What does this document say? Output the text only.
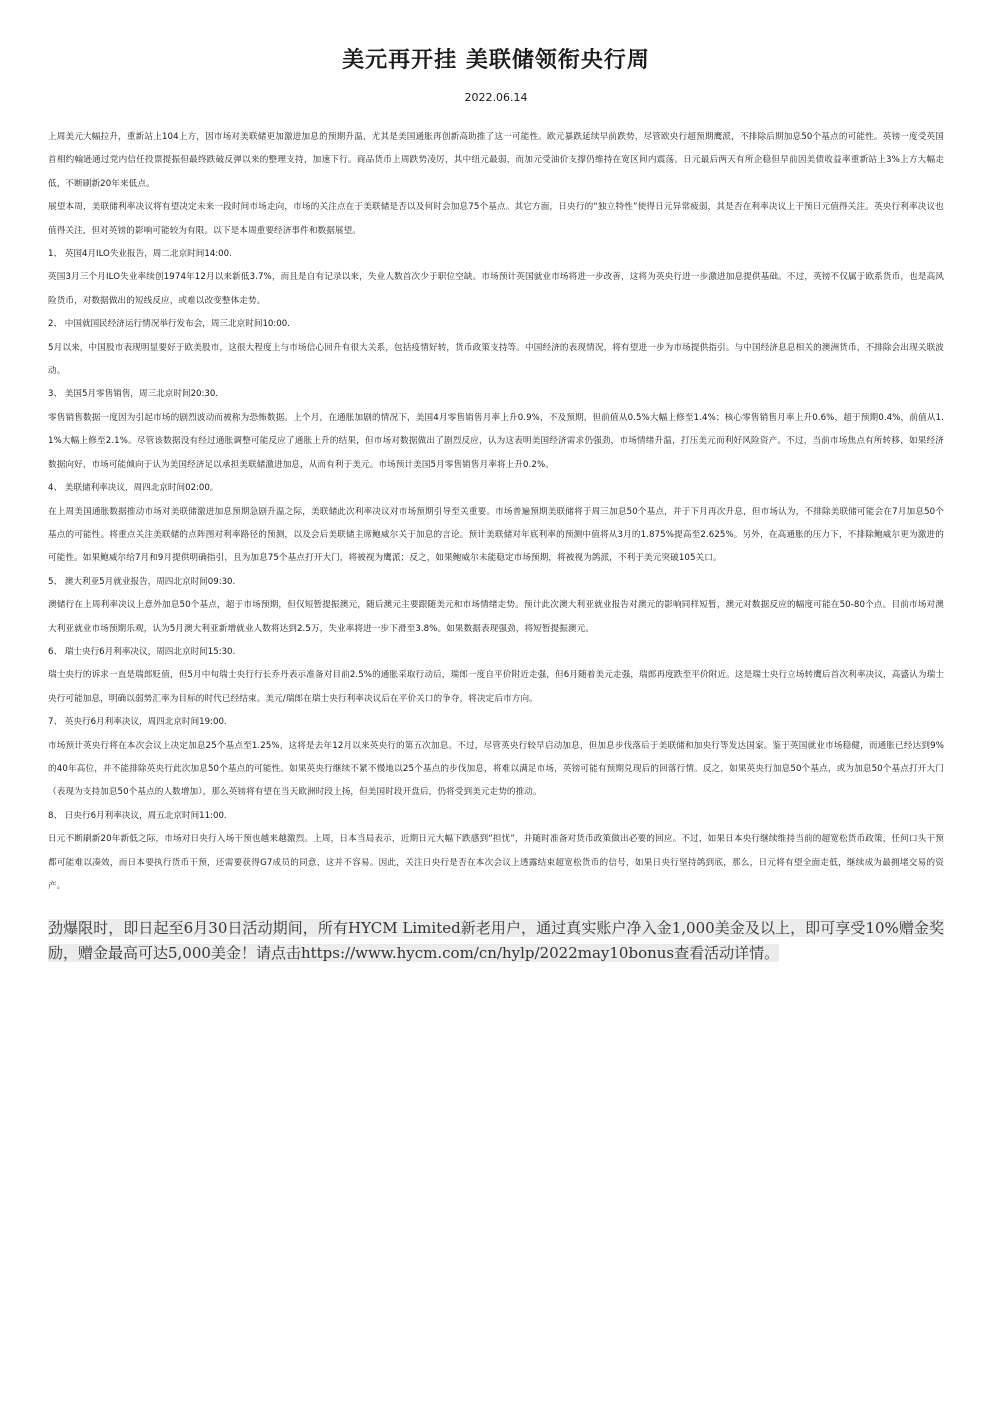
美元再开挂 美联储领衔央行周
2022.06.14

上周美元大幅拉升，重新站上104上方，因市场对美联储更加激进加息的预期升温，尤其是美国通胀再创新高助推了这一可能性。欧元暴跌延续早前跌势，尽管欧央行超预期鹰派，不排除后期加息50个基点的可能性。英镑一度受英国首相约翰逊通过党内信任投票提振但最终跌破反弹以来的整理支持，加速下行。商品货币上周跌势凌厉，其中纽元最弱，而加元受油价支撑仍维持在宽区间内震荡。日元最后两天有所企稳但早前因美债收益率重新站上3%上方大幅走低，不断刷新20年来低点。

展望本周，美联储利率决议将有望决定未来一段时间市场走向，市场的关注点在于美联储是否以及何时会加息75个基点。其它方面，日央行的“独立特性”使得日元异常疲弱，其是否在利率决议上干预日元值得关注。英央行利率决议也值得关注，但对英镑的影响可能较为有限。以下是本周重要经济事件和数据展望。

1、 英国4月ILO失业报告，周二北京时间14:00.

英国3月三个月ILO失业率续创1974年12月以来新低3.7%，而且是自有记录以来，失业人数首次少于职位空缺。市场预计英国就业市场将进一步改善，这将为英央行进一步激进加息提供基础。不过，英镑不仅属于欧系货币，也是高风险货币，对数据做出的短线反应，或难以改变整体走势。

2、 中国就国民经济运行情况举行发布会，周三北京时间10:00.

5月以来，中国股市表现明显要好于欧美股市，这很大程度上与市场信心回升有很大关系，包括疫情好转，货币政策支持等。中国经济的表现情况，将有望进一步为市场提供指引。与中国经济息息相关的澳洲货币，不排除会出现关联波动。

3、 美国5月零售销售，周三北京时间20:30.

零售销售数据一度因为引起市场的剧烈波动而被称为恐怖数据。上个月，在通胀加剧的情况下，美国4月零售销售月率上升0.9%，不及预期，但前值从0.5%大幅上修至1.4%；核心零售销售月率上升0.6%，超于预期0.4%，前值从1.1%大幅上修至2.1%。尽管该数据没有经过通胀调整可能反应了通胀上升的结果，但市场对数据做出了剧烈反应，认为这表明美国经济需求仍强劲，市场情绪升温，打压美元而利好风险资产。不过，当前市场焦点有所转移，如果经济数据向好，市场可能倾向于认为美国经济足以承担美联储激进加息，从而有利于美元。市场预计美国5月零售销售月率将上升0.2%。

4、 美联储利率决议，周四北京时间02:00。

在上周美国通胀数据推动市场对美联储激进加息预期急剧升温之际，美联储此次利率决议对市场预期引导至关重要。市场普遍预期美联储将于周三加息50个基点，并于下月再次升息，但市场认为，不排除美联储可能会在7月加息50个基点的可能性。将重点关注美联储的点阵图对利率路径的预测，以及会后美联储主席鲍威尔关于加息的言论。预计美联储对年底利率的预测中值将从3月的1.875%提高至2.625%。另外，在高通胀的压力下，不排除鲍威尔更为激进的可能性。如果鲍威尔给7月和9月提供明确指引，且为加息75个基点打开大门，将被视为鹰派；反之，如果鲍威尔未能稳定市场预期，将被视为鸽派，不利于美元突破105关口。

5、 澳大利亚5月就业报告，周四北京时间09:30.

澳储行在上周利率决议上意外加息50个基点，超于市场预期，但仅短暂提振澳元，随后澳元主要跟随美元和市场情绪走势。预计此次澳大利亚就业报告对澳元的影响同样短暂，澳元对数据反应的幅度可能在50-80个点。目前市场对澳大利亚就业市场预期乐观，认为5月澳大利亚新增就业人数将达到2.5万，失业率将进一步下滑至3.8%。如果数据表现强劲，将短暂提振澳元。

6、 瑞士央行6月利率决议，周四北京时间15:30.

瑞士央行的诉求一直是瑞郎贬值，但5月中旬瑞士央行行长乔丹表示准备对目前2.5%的通胀采取行动后，瑞郎一度自平价附近走强，但6月随着美元走强，瑞郎再度跌至平价附近。这是瑞士央行立场转鹰后首次利率决议，高盛认为瑞士央行可能加息，明确以弱势汇率为目标的时代已经结束。美元/瑞郎在瑞士央行利率决议后在平价关口的争夺，将决定后市方向。

7、 英央行6月利率决议，周四北京时间19:00.

市场预计英央行将在本次会议上决定加息25个基点至1.25%，这将是去年12月以来英央行的第五次加息。不过，尽管英央行较早启动加息，但加息步伐落后于美联储和加央行等发达国家。鉴于英国就业市场稳健，而通胀已经达到9%的40年高位，并不能排除英央行此次加息50个基点的可能性。如果英央行继续不紧不慢地以25个基点的步伐加息，将难以满足市场，英镑可能有预期兑现后的回落行情。反之，如果英央行加息50个基点，或为加息50个基点打开大门（表现为支持加息50个基点的人数增加），那么英镑将有望在当天欧洲时段上扬，但美国时段开盘后，仍将受到美元走势的推动。

8、 日央行6月利率决议，周五北京时间11:00.

日元不断刷新20年新低之际，市场对日央行入场干预也越来越激烈。上周，日本当局表示，近期日元大幅下跌感到“担忧”，并随时准备对货币政策做出必要的回应。不过，如果日本央行继续维持当前的超宽松货币政策，任何口头干预都可能难以凑效，而日本要执行货币干预，还需要获得G7成员的同意，这并不容易。因此，关注日央行是否在本次会议上透露结束超宽松货币的信号，如果日央行坚持鸽到底，那么，日元将有望全面走低，继续成为最拥堵交易的资产。

劲爆限时，即日起至6月30日活动期间，所有HYCM Limited新老用户，通过真实账户净入金1,000美金及以上，即可享受10%赠金奖励，赠金最高可达5,000美金！请点击https://www.hycm.com/cn/hylp/2022may10bonus查看活动详情。
